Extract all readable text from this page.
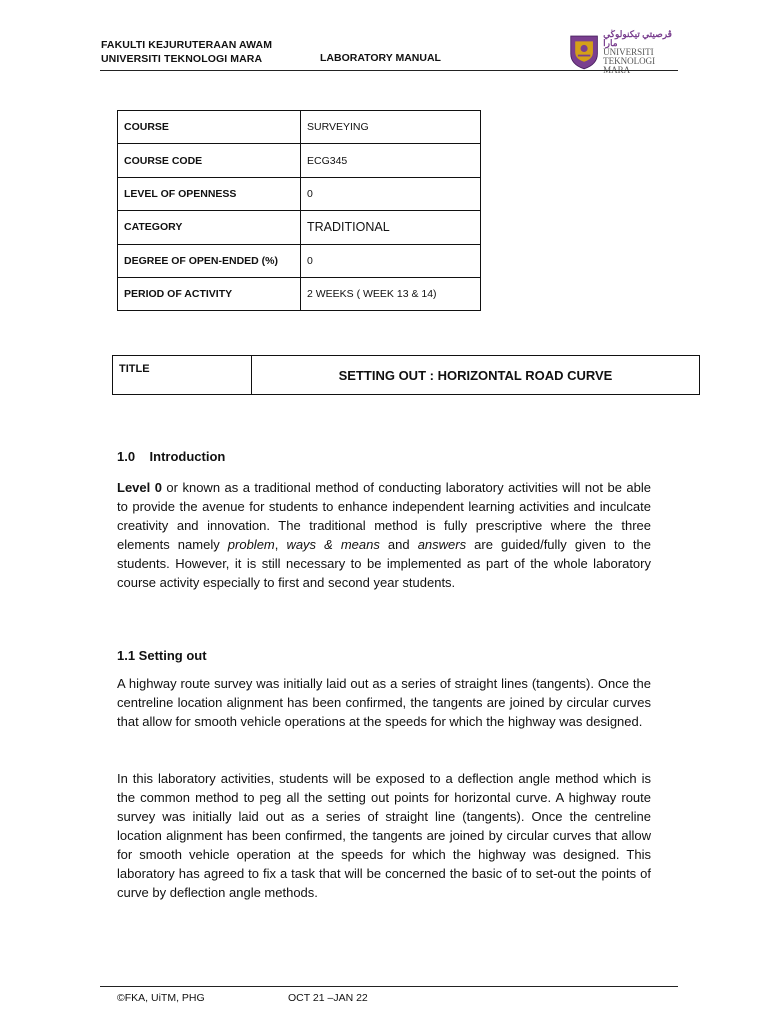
FAKULTI KEJURUTERAAN AWAM
UNIVERSITI TEKNOLOGI MARA	LABORATORY MANUAL
ڤرصيتي تيكنولوڬي مارا
UNIVERSITI
TEKNOLOGI
COURSE	SURVEYING
COURSE CODE	ECG345
LEVEL OF OPENNESS	0
CATEGORY	TRADITIONAL
DEGREE OF OPEN-ENDED (%)	0
PERIOD OF ACTIVITY	2 WEEKS ( WEEK 13 & 14)
TITLE	SETTING OUT : HORIZONTAL ROAD CURVE
1.0    Introduction
Level 0 or known as a traditional method of conducting laboratory activities will not be able to provide the avenue for students to enhance independent learning activities and inculcate creativity and innovation. The traditional method is fully prescriptive where the three elements namely problem, ways & means and answers are guided/fully given to the students. However, it is still necessary to be implemented as part of the whole laboratory course activity especially to first and second year students.
1.1 Setting out
A highway route survey was initially laid out as a series of straight lines (tangents). Once the centreline location alignment has been confirmed, the tangents are joined by circular curves that allow for smooth vehicle operations at the speeds for which the highway was designed.
In this laboratory activities, students will be exposed to a deflection angle method which is the common method to peg all the setting out points for horizontal curve. A highway route survey was initially laid out as a series of straight line (tangents). Once the centreline location alignment has been confirmed, the tangents are joined by circular curves that allow for smooth vehicle operation at the speeds for which the highway was designed. This laboratory has agreed to fix a task that will be concerned the basic of to set-out the points of curve by deflection angle methods.
©FKA, UiTM, PHG	OCT 21 –JAN 22
